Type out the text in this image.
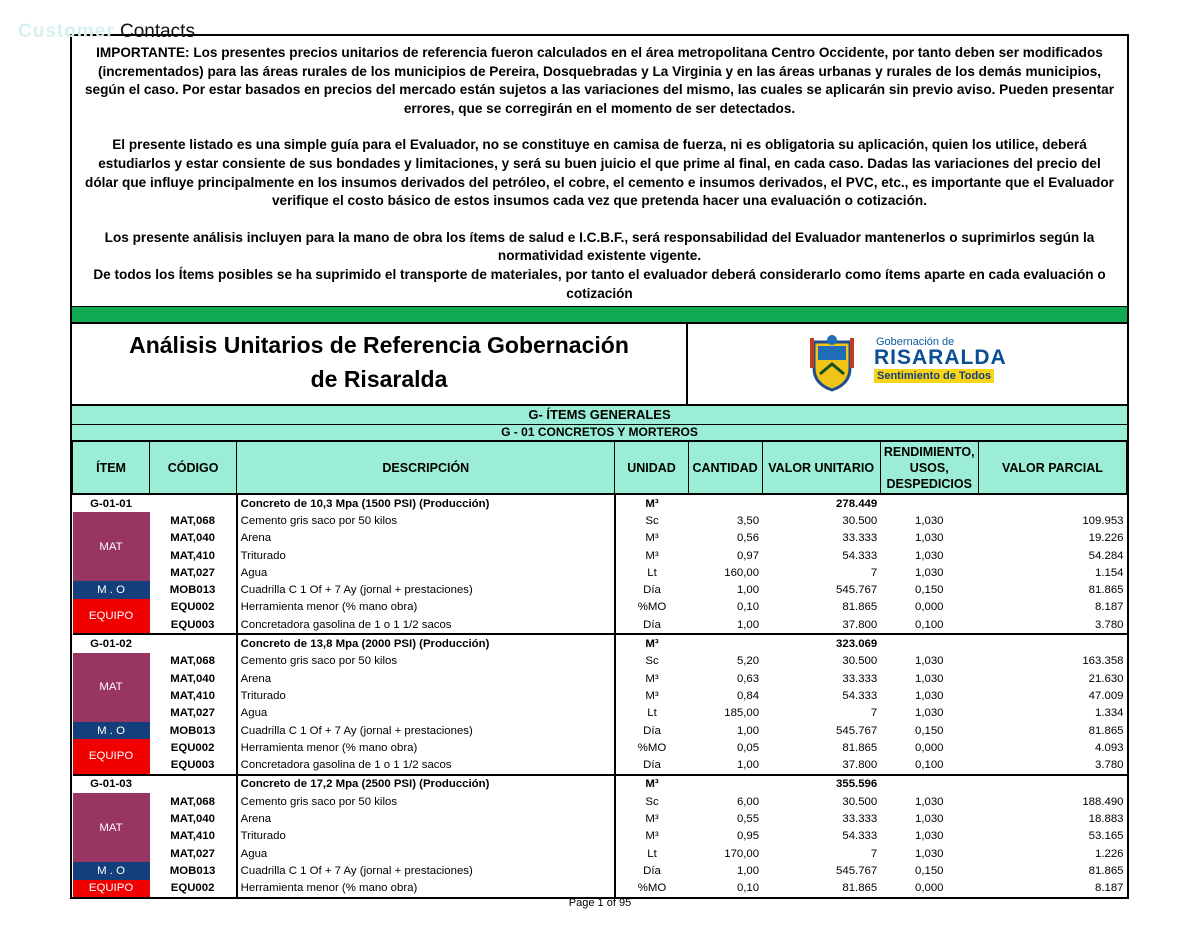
Customer Contacts

IMPORTANTE: Los presentes precios unitarios de referencia fueron calculados en el área metropolitana Centro Occidente, por tanto deben ser modificados (incrementados) para las áreas rurales de los municipios de Pereira, Dosquebradas y La Virginia y en las áreas urbanas y rurales de los demás municipios, según el caso. Por estar basados en precios del mercado están sujetos a las variaciones del mismo, las cuales se aplicarán sin previo aviso. Pueden presentar errores, que se corregirán en el momento de ser detectados.

El presente listado es una simple guía para el Evaluador, no se constituye en camisa de fuerza, ni es obligatoria su aplicación, quien los utilice, deberá estudiarlos y estar consiente de sus bondades y limitaciones, y será su buen juicio el que prime al final, en cada caso. Dadas las variaciones del precio del dólar que influye principalmente en los insumos derivados del petróleo, el cobre, el cemento e insumos derivados, el PVC, etc., es importante que el Evaluador verifique el costo básico de estos insumos cada vez que pretenda hacer una evaluación o cotización.

Los presente análisis incluyen para la mano de obra los ítems de salud e I.C.B.F., será responsabilidad del Evaluador mantenerlos o suprimirlos según la normatividad existente vigente.

De todos los Ítems posibles se ha suprimido el transporte de materiales, por tanto el evaluador deberá considerarlo como ítems aparte en cada evaluación o cotización

Análisis Unitarios de Referencia Gobernación
de Risaralda
Gobernación de
RISARALDA
Sentimiento de Todos
G- ÍTEMS GENERALES
G - 01 CONCRETOS Y MORTEROS
ÍTEM	CÓDIGO	DESCRIPCIÓN	UNIDAD	CANTIDAD	VALOR UNITARIO	RENDIMIENTO, USOS, DESPEDICIOS	VALOR PARCIAL
G-01-01		Concreto de 10,3 Mpa (1500 PSI) (Producción)	M³		278.449		
MAT	MAT,068	Cemento gris saco por 50 kilos	Sc	3,50	30.500	1,030	109.953
	MAT,040	Arena	M³	0,56	33.333	1,030	19.226
	MAT,410	Triturado	M³	0,97	54.333	1,030	54.284
	MAT,027	Agua	Lt	160,00	7	1,030	1.154
M . O	MOB013	Cuadrilla C 1 Of + 7 Ay (jornal + prestaciones)	Día	1,00	545.767	0,150	81.865
EQUIPO	EQU002	Herramienta menor (% mano obra)	%MO	0,10	81.865	0,000	8.187
	EQU003	Concretadora gasolina de 1 o 1 1/2 sacos	Día	1,00	37.800	0,100	3.780
G-01-02		Concreto de 13,8 Mpa (2000 PSI) (Producción)	M³		323.069		
MAT	MAT,068	Cemento gris saco por 50 kilos	Sc	5,20	30.500	1,030	163.358
	MAT,040	Arena	M³	0,63	33.333	1,030	21.630
	MAT,410	Triturado	M³	0,84	54.333	1,030	47.009
	MAT,027	Agua	Lt	185,00	7	1,030	1.334
M . O	MOB013	Cuadrilla C 1 Of + 7 Ay (jornal + prestaciones)	Día	1,00	545.767	0,150	81.865
EQUIPO	EQU002	Herramienta menor (% mano obra)	%MO	0,05	81.865	0,000	4.093
	EQU003	Concretadora gasolina de 1 o 1 1/2 sacos	Día	1,00	37.800	0,100	3.780
G-01-03		Concreto de 17,2 Mpa (2500 PSI) (Producción)	M³		355.596		
MAT	MAT,068	Cemento gris saco por 50 kilos	Sc	6,00	30.500	1,030	188.490
	MAT,040	Arena	M³	0,55	33.333	1,030	18.883
	MAT,410	Triturado	M³	0,95	54.333	1,030	53.165
	MAT,027	Agua	Lt	170,00	7	1,030	1.226
M . O	MOB013	Cuadrilla C 1 Of + 7 Ay (jornal + prestaciones)	Día	1,00	545.767	0,150	81.865
EQUIPO	EQU002	Herramienta menor (% mano obra)	%MO	0,10	81.865	0,000	8.187
Page 1 of 95
